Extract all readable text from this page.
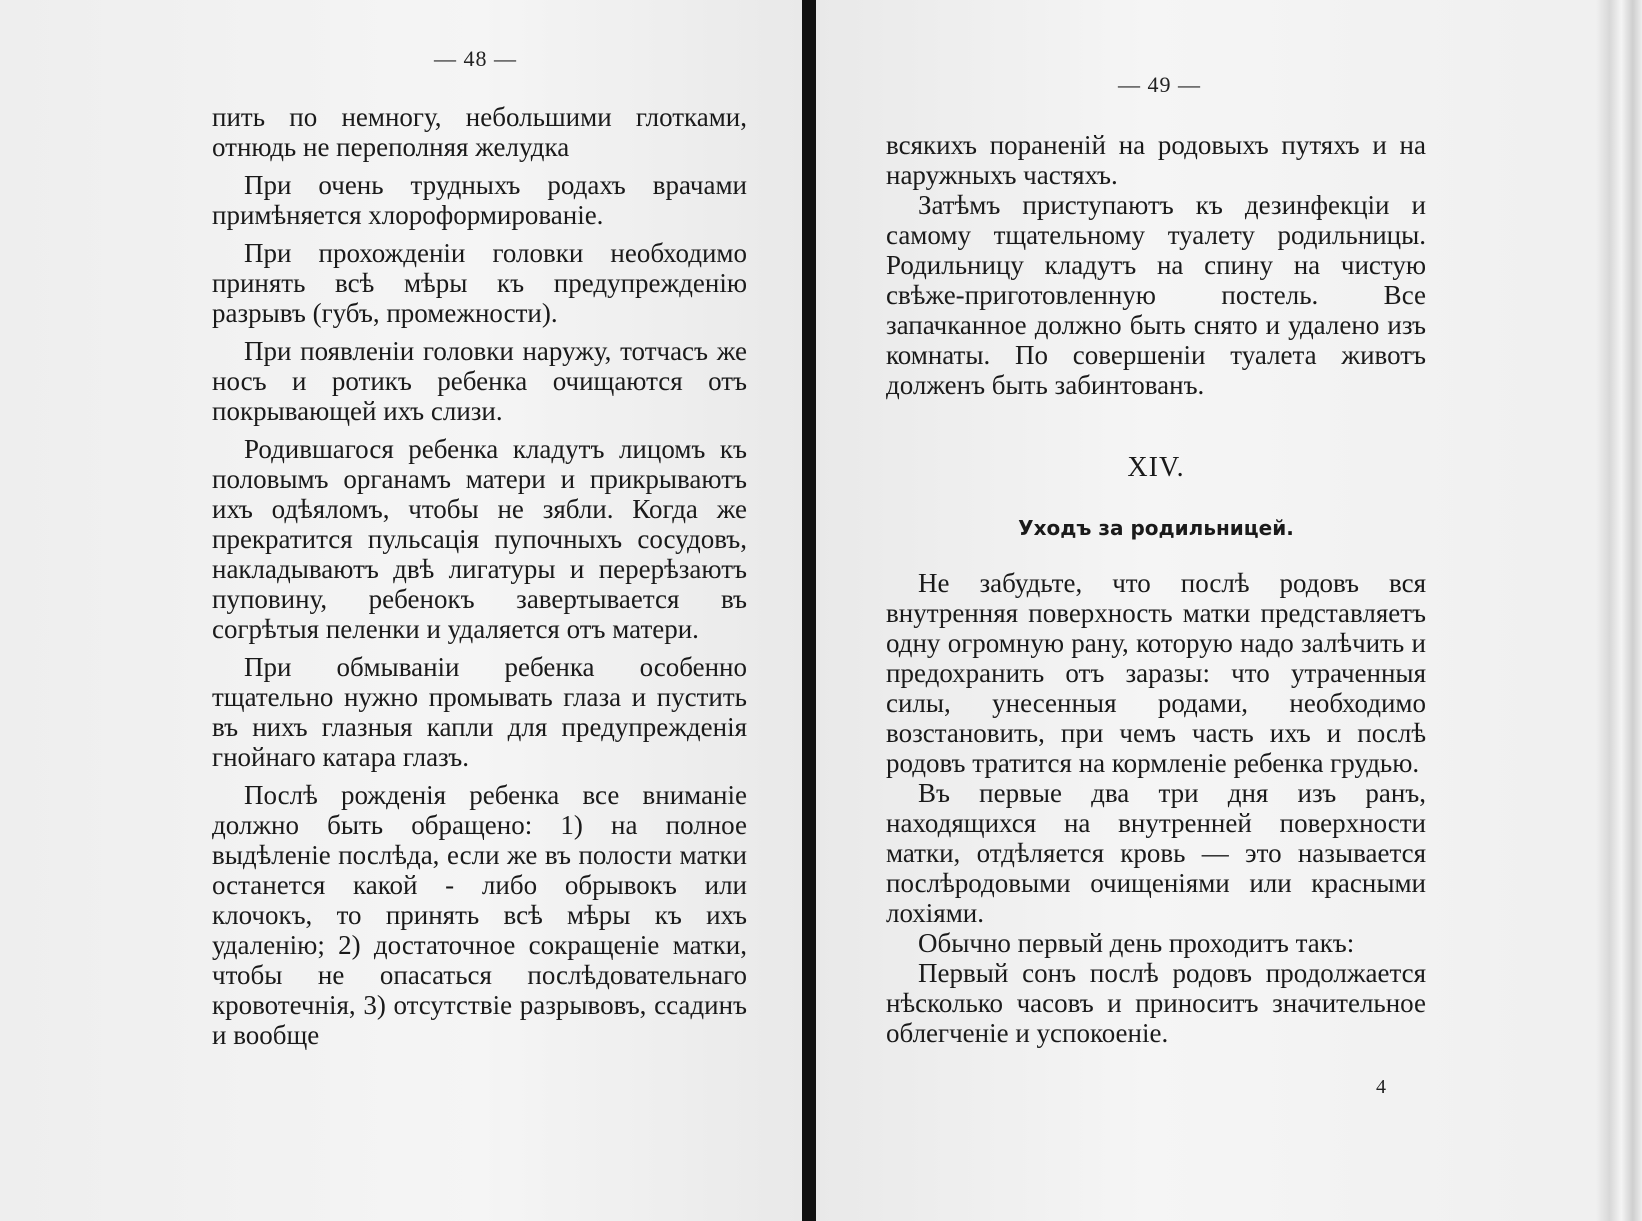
— 48 —

пить по немногу, небольшими глотками, отнюдь не переполняя желудка

При очень трудныхъ родахъ врачами примѣняется хлороформированіе.

При прохожденіи головки необходимо принять всѣ мѣры къ предупрежденію разрывъ (губъ, промежности).

При появленіи головки наружу, тотчасъ же носъ и ротикъ ребенка очищаются отъ покрывающей ихъ слизи.

Родившагося ребенка кладутъ лицомъ къ половымъ органамъ матери и прикрываютъ ихъ одѣяломъ, чтобы не зябли. Когда же прекратится пульсація пупочныхъ сосудовъ, накладываютъ двѣ лигатуры и перерѣзаютъ пуповину, ребенокъ завертывается въ согрѣтыя пеленки и удаляется отъ матери.

При обмываніи ребенка особенно тщательно нужно промывать глаза и пустить въ нихъ глазныя капли для предупрежденія гнойнаго катара глазъ.

Послѣ рожденія ребенка все вниманіе должно быть обращено: 1) на полное выдѣленіе послѣда, если же въ полости матки останется какой - либо обрывокъ или клочокъ, то принять всѣ мѣры къ ихъ удаленію; 2) достаточное сокращеніе матки, чтобы не опасаться послѣдовательнаго кровотечнія, 3) отсутствіе разрывовъ, ссадинъ и вообще

— 49 —

всякихъ пораненій на родовыхъ путяхъ и на наружныхъ частяхъ.

Затѣмъ приступаютъ къ дезинфекціи и самому тщательному туалету родильницы. Родильницу кладутъ на спину на чистую свѣже-приготовленную постель. Все запачканное должно быть снято и удалено изъ комнаты. По совершеніи туалета животъ долженъ быть забинтованъ.

XIV.
Уходъ за родильницей.

Не забудьте, что послѣ родовъ вся внутренняя поверхность матки представляетъ одну огромную рану, которую надо залѣчить и предохранить отъ заразы: что утраченныя силы, унесенныя родами, необходимо возстановить, при чемъ часть ихъ и послѣ родовъ тратится на кормленіе ребенка грудью.

Въ первые два три дня изъ ранъ, находящихся на внутренней поверхности матки, отдѣляется кровь — это называется послѣродовыми очищеніями или красными лохіями.

Обычно первый день проходитъ такъ:

Первый сонъ послѣ родовъ продолжается нѣсколько часовъ и приноситъ значительное облегченіе и успокоеніе.

4
